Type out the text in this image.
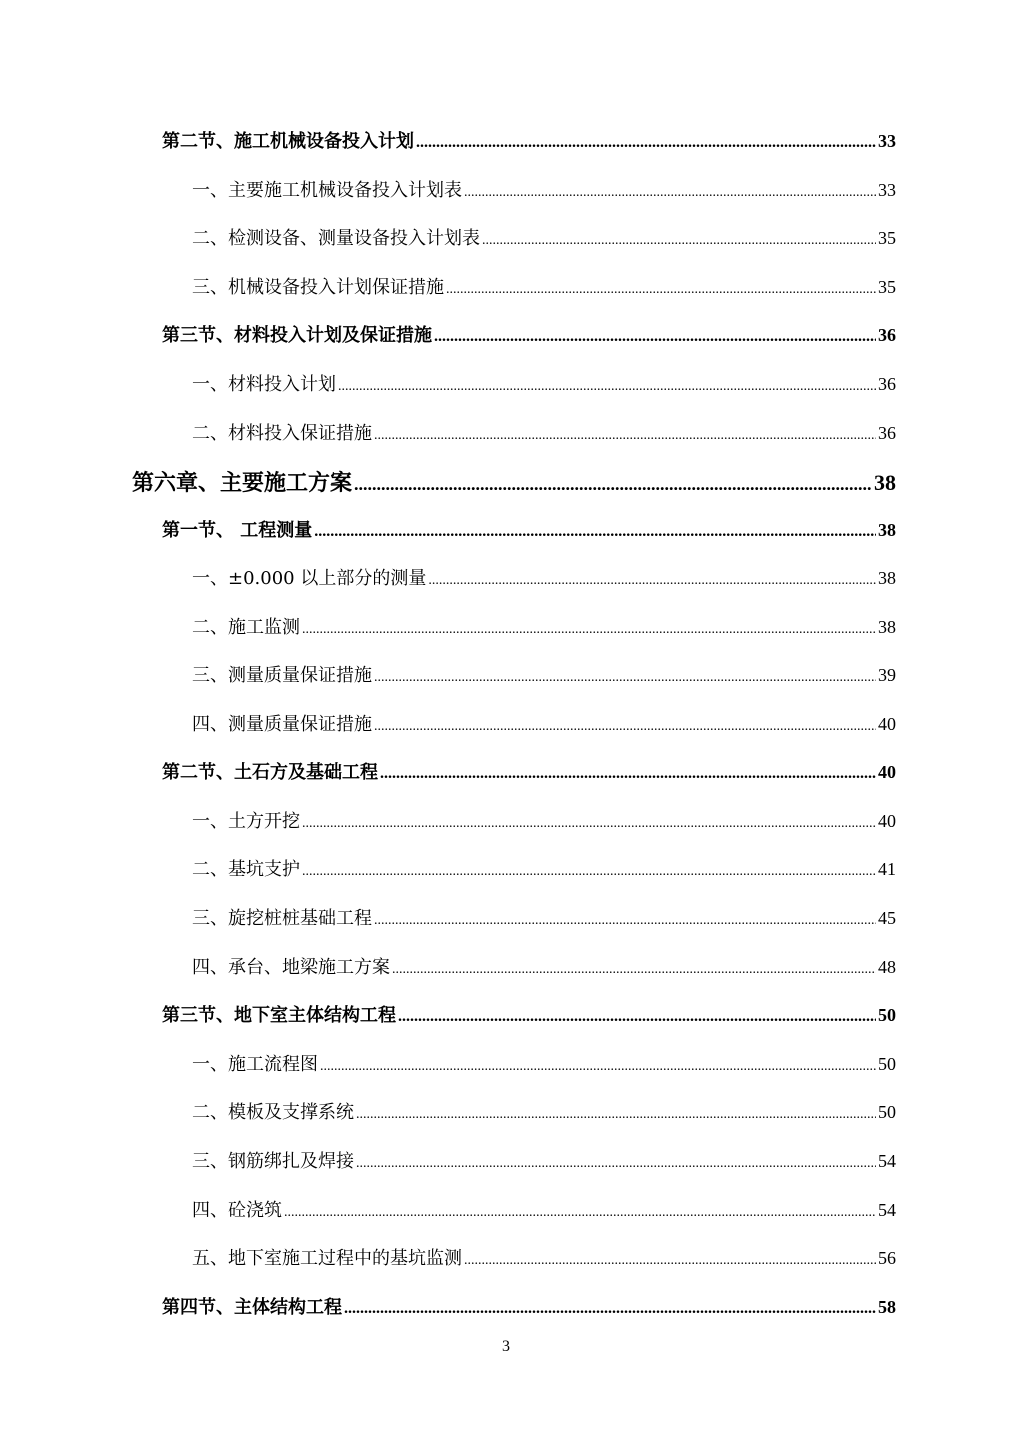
第二节、施工机械设备投入计划 .....	33
一、主要施工机械设备投入计划表 .....	33
二、检测设备、测量设备投入计划表 .....	35
三、机械设备投入计划保证措施 .....	35
第三节、材料投入计划及保证措施 .....	36
一、材料投入计划 .....	36
二、材料投入保证措施 .....	36
第六章、主要施工方案 .....	38
第一节、 工程测量 .....	38
一、±0.000 以上部分的测量 .....	38
二、施工监测 .....	38
三、测量质量保证措施 .....	39
四、测量质量保证措施 .....	40
第二节、土石方及基础工程 .....	40
一、土方开挖 .....	40
二、基坑支护 .....	41
三、旋挖桩桩基础工程 .....	45
四、承台、地梁施工方案 .....	48
第三节、地下室主体结构工程 .....	50
一、施工流程图 .....	50
二、模板及支撑系统 .....	50
三、钢筋绑扎及焊接 .....	54
四、砼浇筑 .....	54
五、地下室施工过程中的基坑监测 .....	56
第四节、主体结构工程 .....	58
3
